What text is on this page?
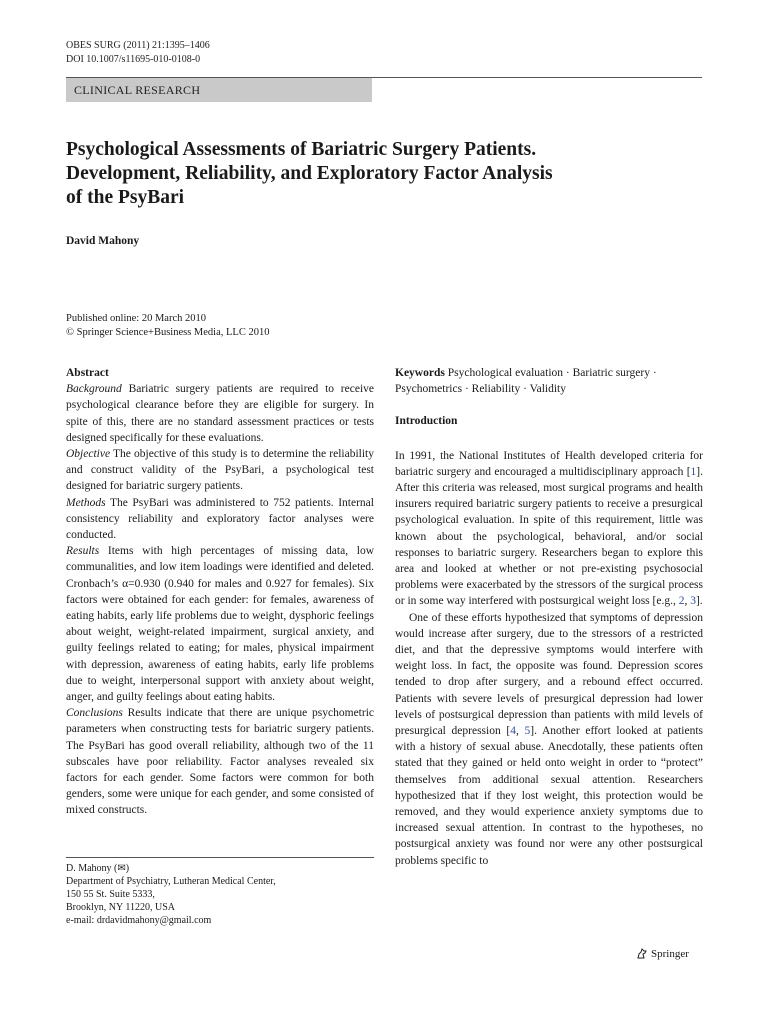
OBES SURG (2011) 21:1395–1406
DOI 10.1007/s11695-010-0108-0
CLINICAL RESEARCH
Psychological Assessments of Bariatric Surgery Patients.
Development, Reliability, and Exploratory Factor Analysis
of the PsyBari
David Mahony
Published online: 20 March 2010
© Springer Science+Business Media, LLC 2010
Abstract
Background Bariatric surgery patients are required to receive psychological clearance before they are eligible for surgery. In spite of this, there are no standard assessment practices or tests designed specifically for these evaluations.
Objective The objective of this study is to determine the reliability and construct validity of the PsyBari, a psychological test designed for bariatric surgery patients.
Methods The PsyBari was administered to 752 patients. Internal consistency reliability and exploratory factor analyses were conducted.
Results Items with high percentages of missing data, low communalities, and low item loadings were identified and deleted. Cronbach’s α=0.930 (0.940 for males and 0.927 for females). Six factors were obtained for each gender: for females, awareness of eating habits, early life problems due to weight, dysphoric feelings about weight, weight-related impairment, surgical anxiety, and guilty feelings related to eating; for males, physical impairment with depression, awareness of eating habits, early life problems due to weight, interpersonal support with anxiety about weight, anger, and guilty feelings about eating habits.
Conclusions Results indicate that there are unique psychometric parameters when constructing tests for bariatric surgery patients. The PsyBari has good overall reliability, although two of the 11 subscales have poor reliability. Factor analyses revealed six factors for each gender. Some factors were common for both genders, some were unique for each gender, and some consisted of mixed constructs.
D. Mahony (✉)
Department of Psychiatry, Lutheran Medical Center,
150 55 St. Suite 5333,
Brooklyn, NY 11220, USA
e-mail: drdavidmahony@gmail.com
Keywords Psychological evaluation · Bariatric surgery · Psychometrics · Reliability · Validity
Introduction
In 1991, the National Institutes of Health developed criteria for bariatric surgery and encouraged a multidisciplinary approach [1]. After this criteria was released, most surgical programs and health insurers required bariatric surgery patients to receive a presurgical psychological evaluation. In spite of this requirement, little was known about the psychological, behavioral, and/or social responses to bariatric surgery. Researchers began to explore this area and looked at whether or not pre-existing psychosocial problems were exacerbated by the stressors of the surgical process or in some way interfered with postsurgical weight loss [e.g., 2, 3].
One of these efforts hypothesized that symptoms of depression would increase after surgery, due to the stressors of a restricted diet, and that the depressive symptoms would interfere with weight loss. In fact, the opposite was found. Depression scores tended to drop after surgery, and a rebound effect occurred. Patients with severe levels of presurgical depression had lower levels of postsurgical depression than patients with mild levels of presurgical depression [4, 5]. Another effort looked at patients with a history of sexual abuse. Anecdotally, these patients often stated that they gained or held onto weight in order to “protect” themselves from additional sexual attention. Researchers hypothesized that if they lost weight, this protection would be removed, and they would experience anxiety symptoms due to increased sexual attention. In contrast to the hypotheses, no postsurgical anxiety was found nor were any other postsurgical problems specific to
Springer
